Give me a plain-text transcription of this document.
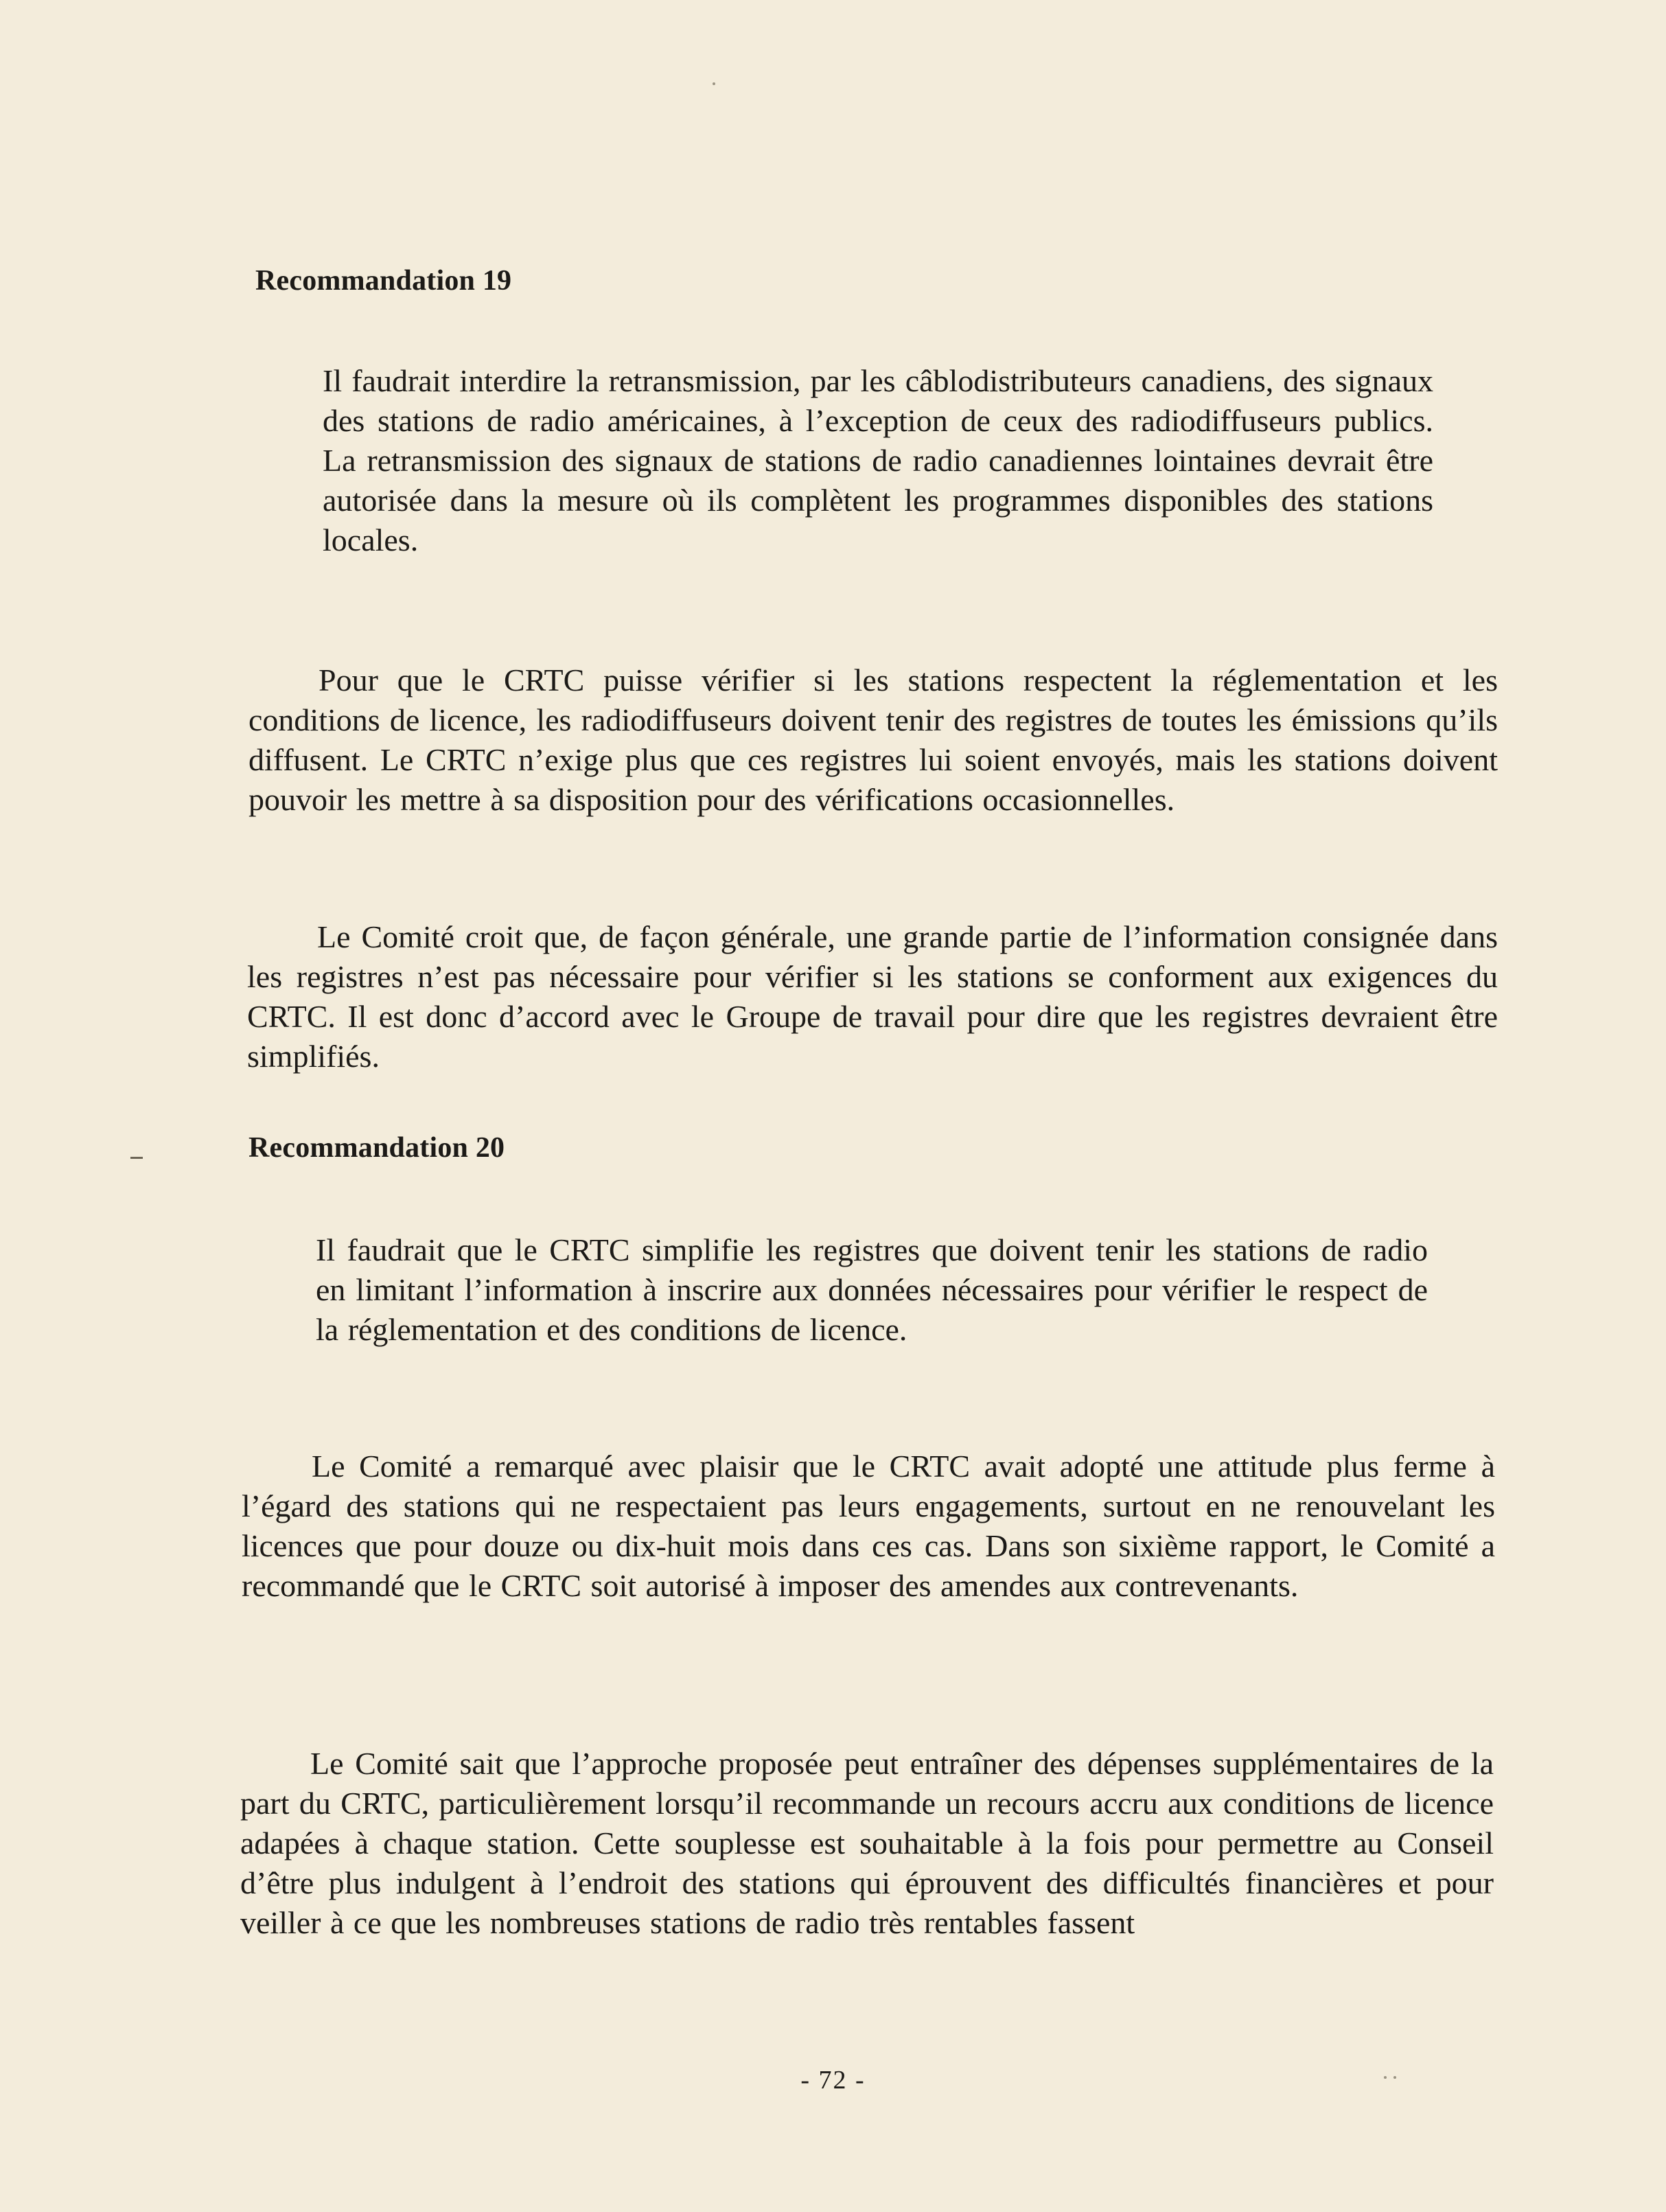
Recommandation 19

Il faudrait interdire la retransmission, par les câblodistributeurs canadiens, des signaux des stations de radio américaines, à l’exception de ceux des radiodiffuseurs publics. La retransmission des signaux de stations de radio canadiennes lointaines devrait être autorisée dans la mesure où ils complètent les programmes disponibles des stations locales.

Pour que le CRTC puisse vérifier si les stations respectent la réglementation et les conditions de licence, les radiodiffuseurs doivent tenir des registres de toutes les émissions qu’ils diffusent. Le CRTC n’exige plus que ces registres lui soient envoyés, mais les stations doivent pouvoir les mettre à sa disposition pour des vérifications occasionnelles.

Le Comité croit que, de façon générale, une grande partie de l’information consignée dans les registres n’est pas nécessaire pour vérifier si les stations se conforment aux exigences du CRTC. Il est donc d’accord avec le Groupe de travail pour dire que les registres devraient être simplifiés.

Recommandation 20

Il faudrait que le CRTC simplifie les registres que doivent tenir les stations de radio en limitant l’information à inscrire aux données nécessaires pour vérifier le respect de la réglementation et des conditions de licence.

Le Comité a remarqué avec plaisir que le CRTC avait adopté une attitude plus ferme à l’égard des stations qui ne respectaient pas leurs engagements, surtout en ne renouvelant les licences que pour douze ou dix-huit mois dans ces cas. Dans son sixième rapport, le Comité a recommandé que le CRTC soit autorisé à imposer des amendes aux contrevenants.

Le Comité sait que l’approche proposée peut entraîner des dépenses supplémentaires de la part du CRTC, particulièrement lorsqu’il recommande un recours accru aux conditions de licence adapées à chaque station. Cette souplesse est souhaitable à la fois pour permettre au Conseil d’être plus indulgent à l’endroit des stations qui éprouvent des difficultés financières et pour veiller à ce que les nombreuses stations de radio très rentables fassent

- 72 -
